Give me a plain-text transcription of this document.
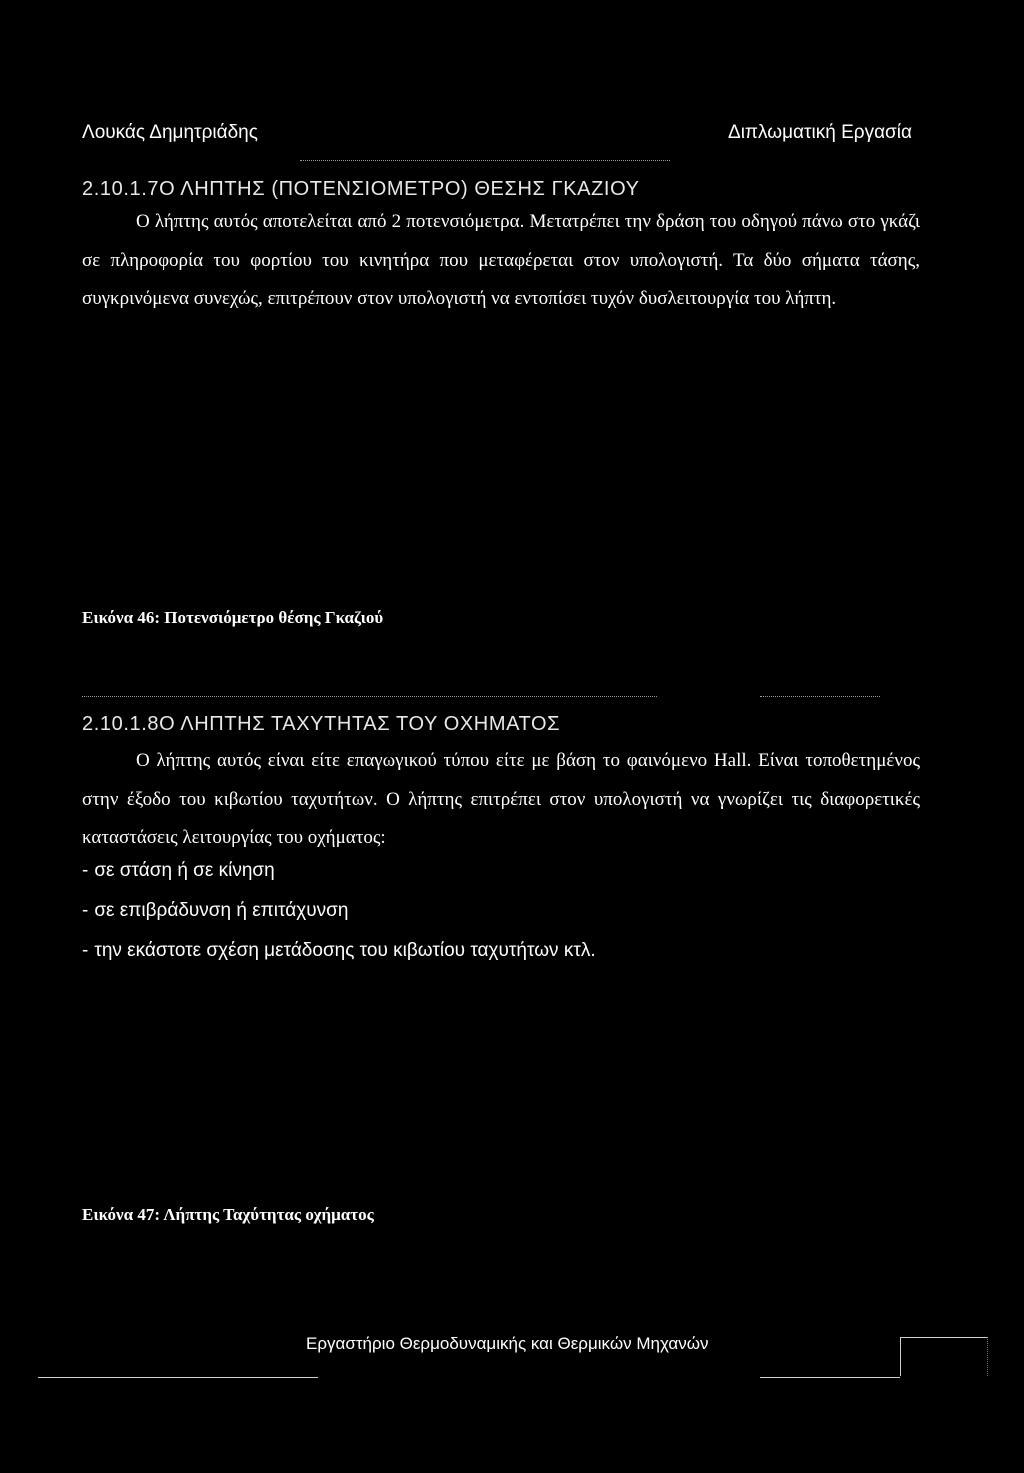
Λουκάς Δημητριάδης	Διπλωματική Εργασία
2.10.1.7Ο ΛΗΠΤΗΣ (ΠΟΤΕΝΣΙΟΜΕΤΡΟ) ΘΕΣΗΣ ΓΚΑΖΙΟΥ

Ο λήπτης αυτός αποτελείται από 2 ποτενσιόμετρα. Μετατρέπει την δράση του οδηγού πάνω στο γκάζι σε πληροφορία του φορτίου του κινητήρα που μεταφέρεται στον υπολογιστή. Τα δύο σήματα τάσης, συγκρινόμενα συνεχώς, επιτρέπουν στον υπολογιστή να εντοπίσει τυχόν δυσλειτουργία του λήπτη.

Εικόνα 46: Ποτενσιόμετρο θέσης Γκαζιού
2.10.1.8Ο ΛΗΠΤΗΣ ΤΑΧΥΤΗΤΑΣ ΤΟΥ ΟΧΗΜΑΤΟΣ

Ο λήπτης αυτός είναι είτε επαγωγικού τύπου είτε με βάση το φαινόμενο Hall. Είναι τοποθετημένος στην έξοδο του κιβωτίου ταχυτήτων. Ο λήπτης επιτρέπει στον υπολογιστή να γνωρίζει τις διαφορετικές καταστάσεις λειτουργίας του οχήματος:

- σε στάση ή σε κίνηση
- σε επιβράδυνση ή επιτάχυνση
- την εκάστοτε σχέση μετάδοσης του κιβωτίου ταχυτήτων κτλ.
Εικόνα 47: Λήπτης Ταχύτητας οχήματος
Εργαστήριο Θερμοδυναμικής και Θερμικών Μηχανών
